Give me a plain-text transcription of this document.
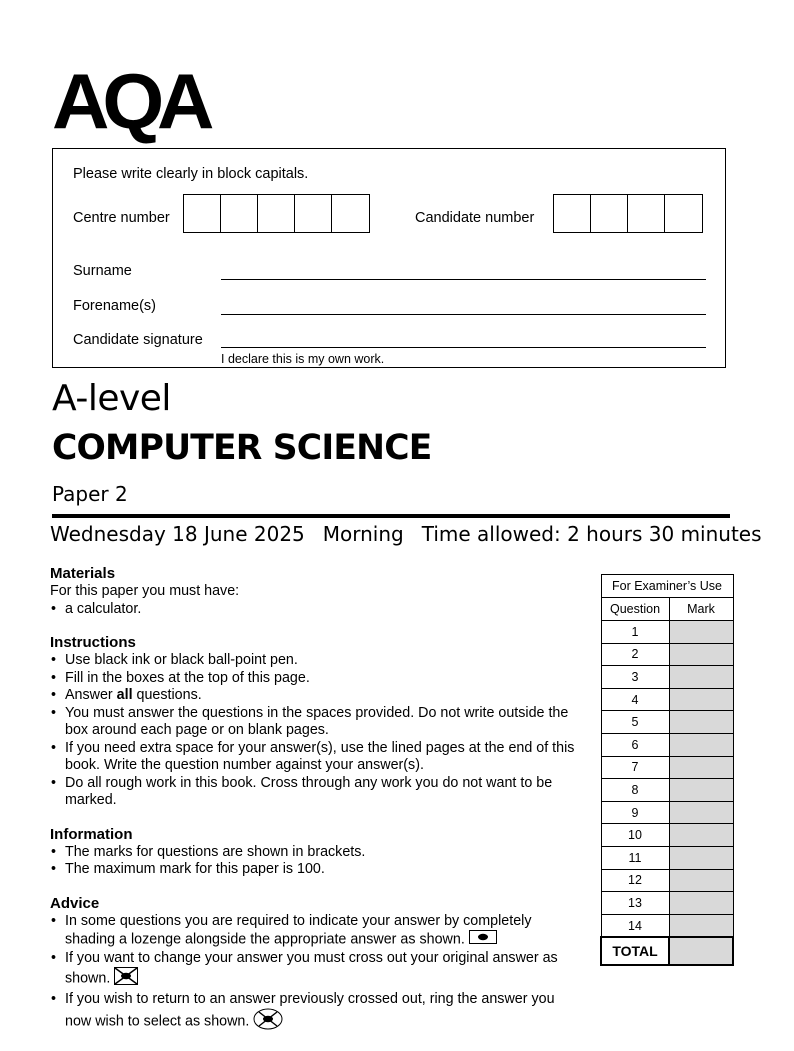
AQA
Please write clearly in block capitals.
Centre number	Candidate number
Surname
Forename(s)
Candidate signature
I declare this is my own work.
A-level
COMPUTER SCIENCE
Paper 2
Wednesday 18 June 2025 Morning Time allowed: 2 hours 30 minutes
Materials

For this paper you must have:

• a calculator.
Instructions
• Use black ink or black ball-point pen.
• Fill in the boxes at the top of this page.
• Answer all questions.
• You must answer the questions in the spaces provided. Do not write outside the box around each page or on blank pages.
• If you need extra space for your answer(s), use the lined pages at the end of this book. Write the question number against your answer(s).
• Do all rough work in this book. Cross through any work you do not want to be marked.
Information
• The marks for questions are shown in brackets.
• The maximum mark for this paper is 100.
Advice
• In some questions you are required to indicate your answer by completely shading a lozenge alongside the appropriate answer as shown.
• If you want to change your answer you must cross out your original answer as shown.
• If you wish to return to an answer previously crossed out, ring the answer you now wish to select as shown.
For Examiner’s Use	
Question	Mark
1	
2	
3	
4	
5	
6	
7	
8	
9	
10	
11	
12	
13	
14	
TOTAL	
